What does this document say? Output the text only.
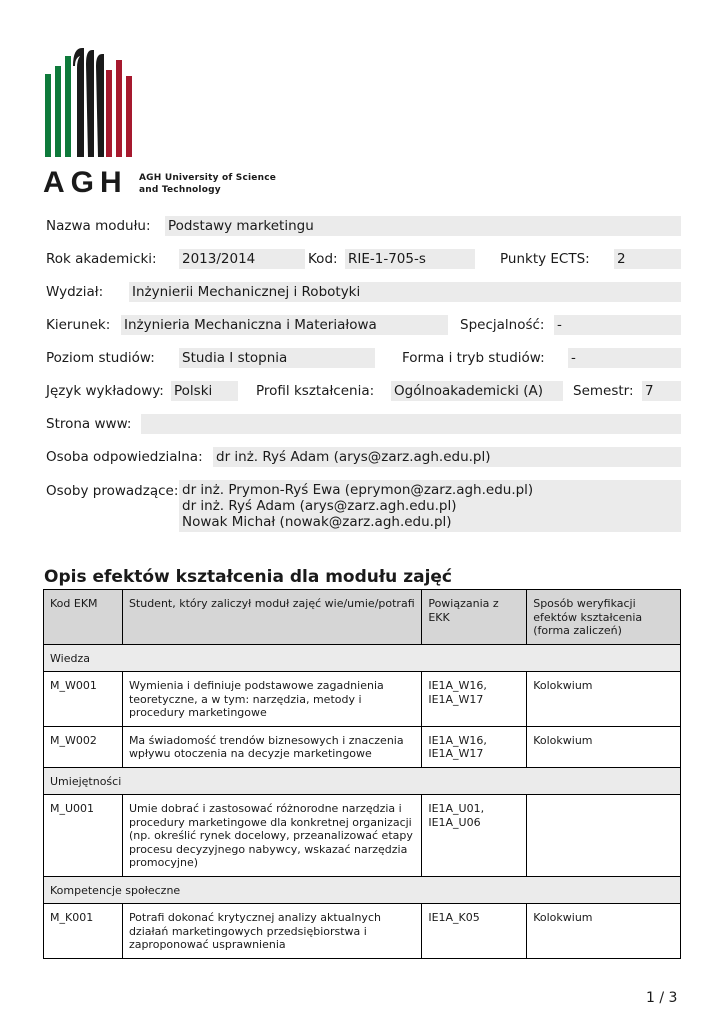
AGH AGH University of Science
and Technology
Nazwa modułu: Podstawy marketingu
Rok akademicki: 2013/2014	Kod: RIE-1-705-s	Punkty ECTS: 2
Wydział: Inżynierii Mechanicznej i Robotyki
Kierunek: Inżynieria Mechaniczna i Materiałowa	Specjalność: -
Poziom studiów: Studia I stopnia	Forma i tryb studiów: -
Język wykładowy: Polski	Profil kształcenia: Ogólnoakademicki (A)	Semestr: 7
Strona www:
Osoba odpowiedzialna: dr inż. Ryś Adam (arys@zarz.agh.edu.pl)
Osoby prowadzące: dr inż. Prymon-Ryś Ewa (eprymon@zarz.agh.edu.pl)
dr inż. Ryś Adam (arys@zarz.agh.edu.pl)
Nowak Michał (nowak@zarz.agh.edu.pl)
Opis efektów kształcenia dla modułu zajęć
Kod EKM	Student, który zaliczył moduł zajęć wie/umie/potrafi	Powiązania z EKK	Sposób weryfikacji efektów kształcenia (forma zaliczeń)
Wiedza			
M_W001	Wymienia i definiuje podstawowe zagadnienia teoretyczne, a w tym: narzędzia, metody i procedury marketingowe	IE1A_W16, IE1A_W17	Kolokwium
M_W002	Ma świadomość trendów biznesowych i znaczenia wpływu otoczenia na decyzje marketingowe	IE1A_W16, IE1A_W17	Kolokwium
Umiejętności			
M_U001	Umie dobrać i zastosować różnorodne narzędzia i procedury marketingowe dla konkretnej organizacji (np. określić rynek docelowy, przeanalizować etapy procesu decyzyjnego nabywcy, wskazać narzędzia promocyjne)	IE1A_U01, IE1A_U06	
Kompetencje społeczne			
M_K001	Potrafi dokonać krytycznej analizy aktualnych działań marketingowych przedsiębiorstwa i zaproponować usprawnienia	IE1A_K05	Kolokwium
1 / 3
